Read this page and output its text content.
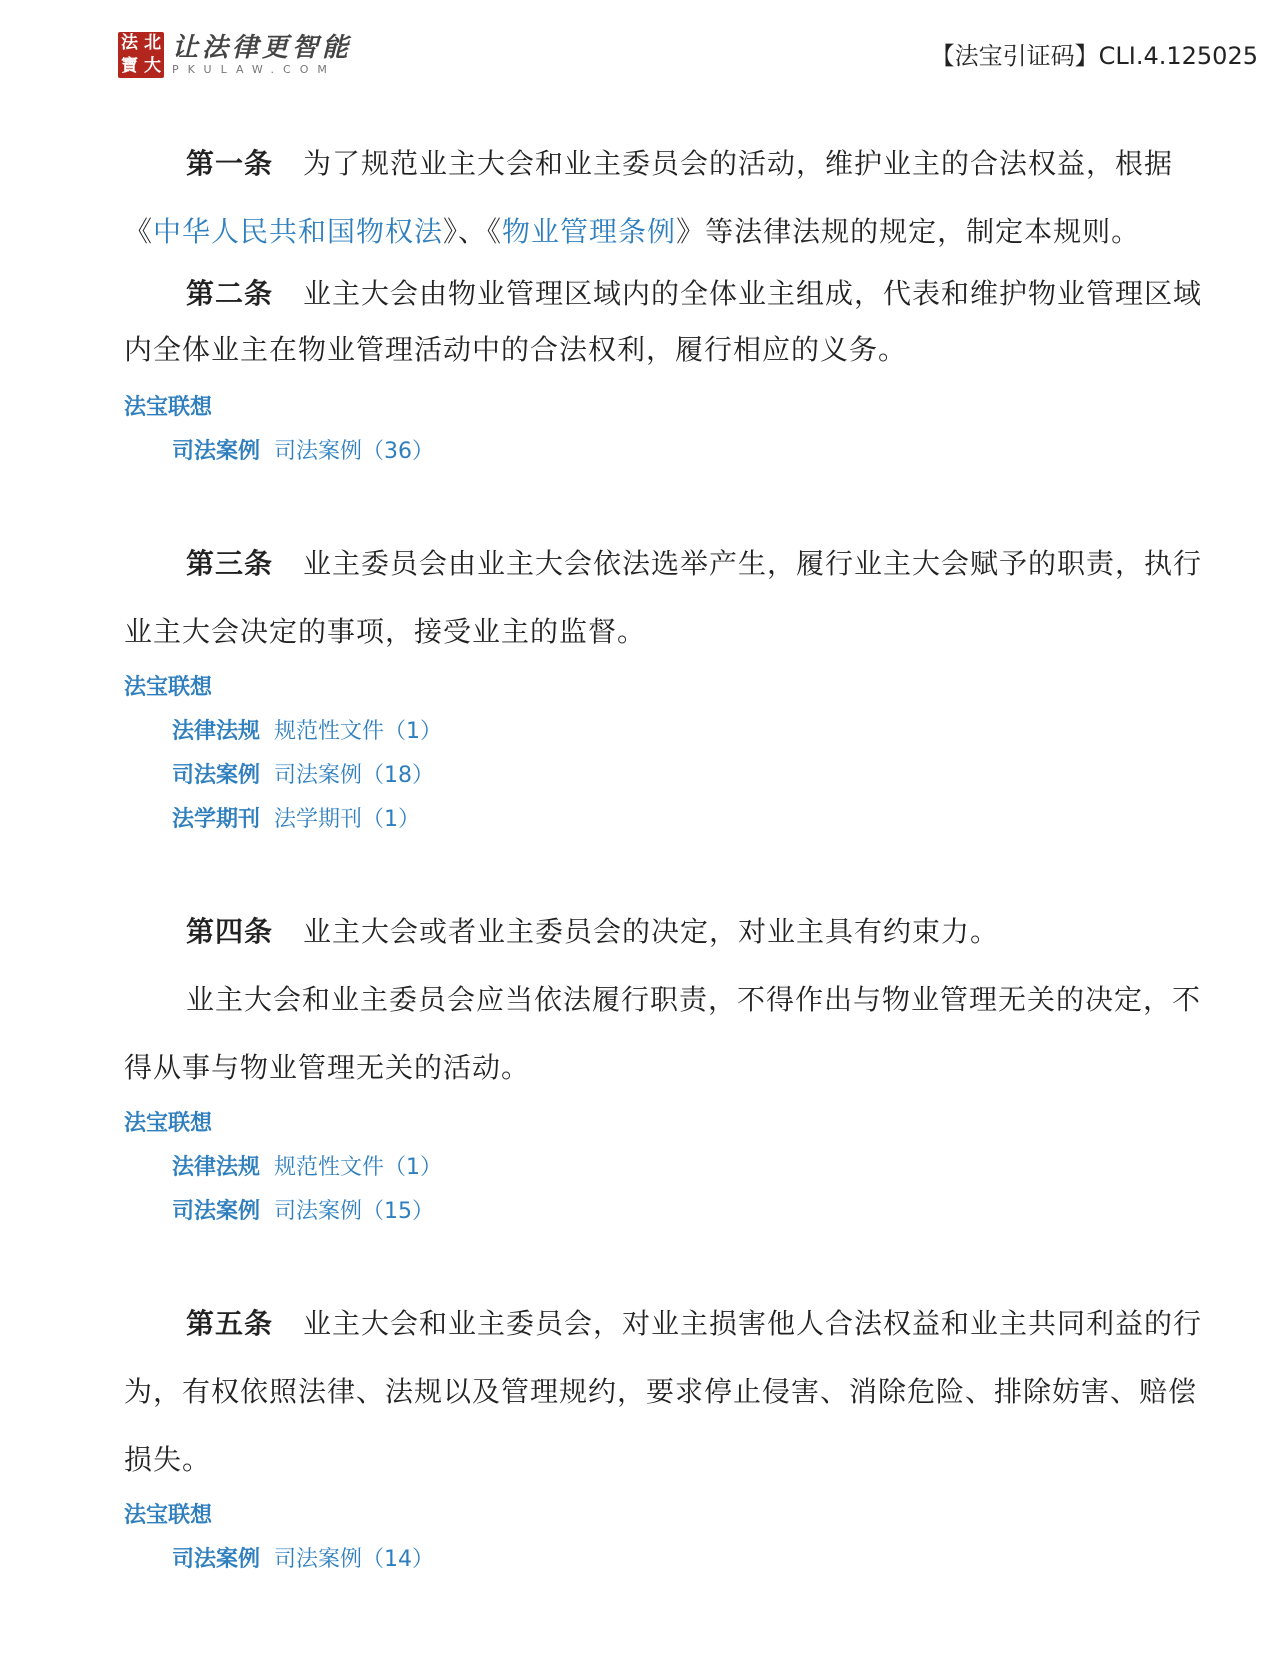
法 北
寶 大
让法律更智能
PKULAW.COM	【法宝引证码】CLI.4.125025

第一条 为了规范业主大会和业主委员会的活动，维护业主的合法权益，根据《中华人民共和国物权法》、《物业管理条例》等法律法规的规定，制定本规则。

第二条 业主大会由物业管理区域内的全体业主组成，代表和维护物业管理区域内全体业主在物业管理活动中的合法权利，履行相应的义务。

法宝联想
司法案例 司法案例（36）

第三条 业主委员会由业主大会依法选举产生，履行业主大会赋予的职责，执行业主大会决定的事项，接受业主的监督。

法宝联想
法律法规 规范性文件（1）
司法案例 司法案例（18）
法学期刊 法学期刊（1）

第四条 业主大会或者业主委员会的决定，对业主具有约束力。

业主大会和业主委员会应当依法履行职责，不得作出与物业管理无关的决定，不得从事与物业管理无关的活动。

法宝联想
法律法规 规范性文件（1）
司法案例 司法案例（15）

第五条 业主大会和业主委员会，对业主损害他人合法权益和业主共同利益的行为，有权依照法律、法规以及管理规约，要求停止侵害、消除危险、排除妨害、赔偿损失。

法宝联想
司法案例 司法案例（14）
